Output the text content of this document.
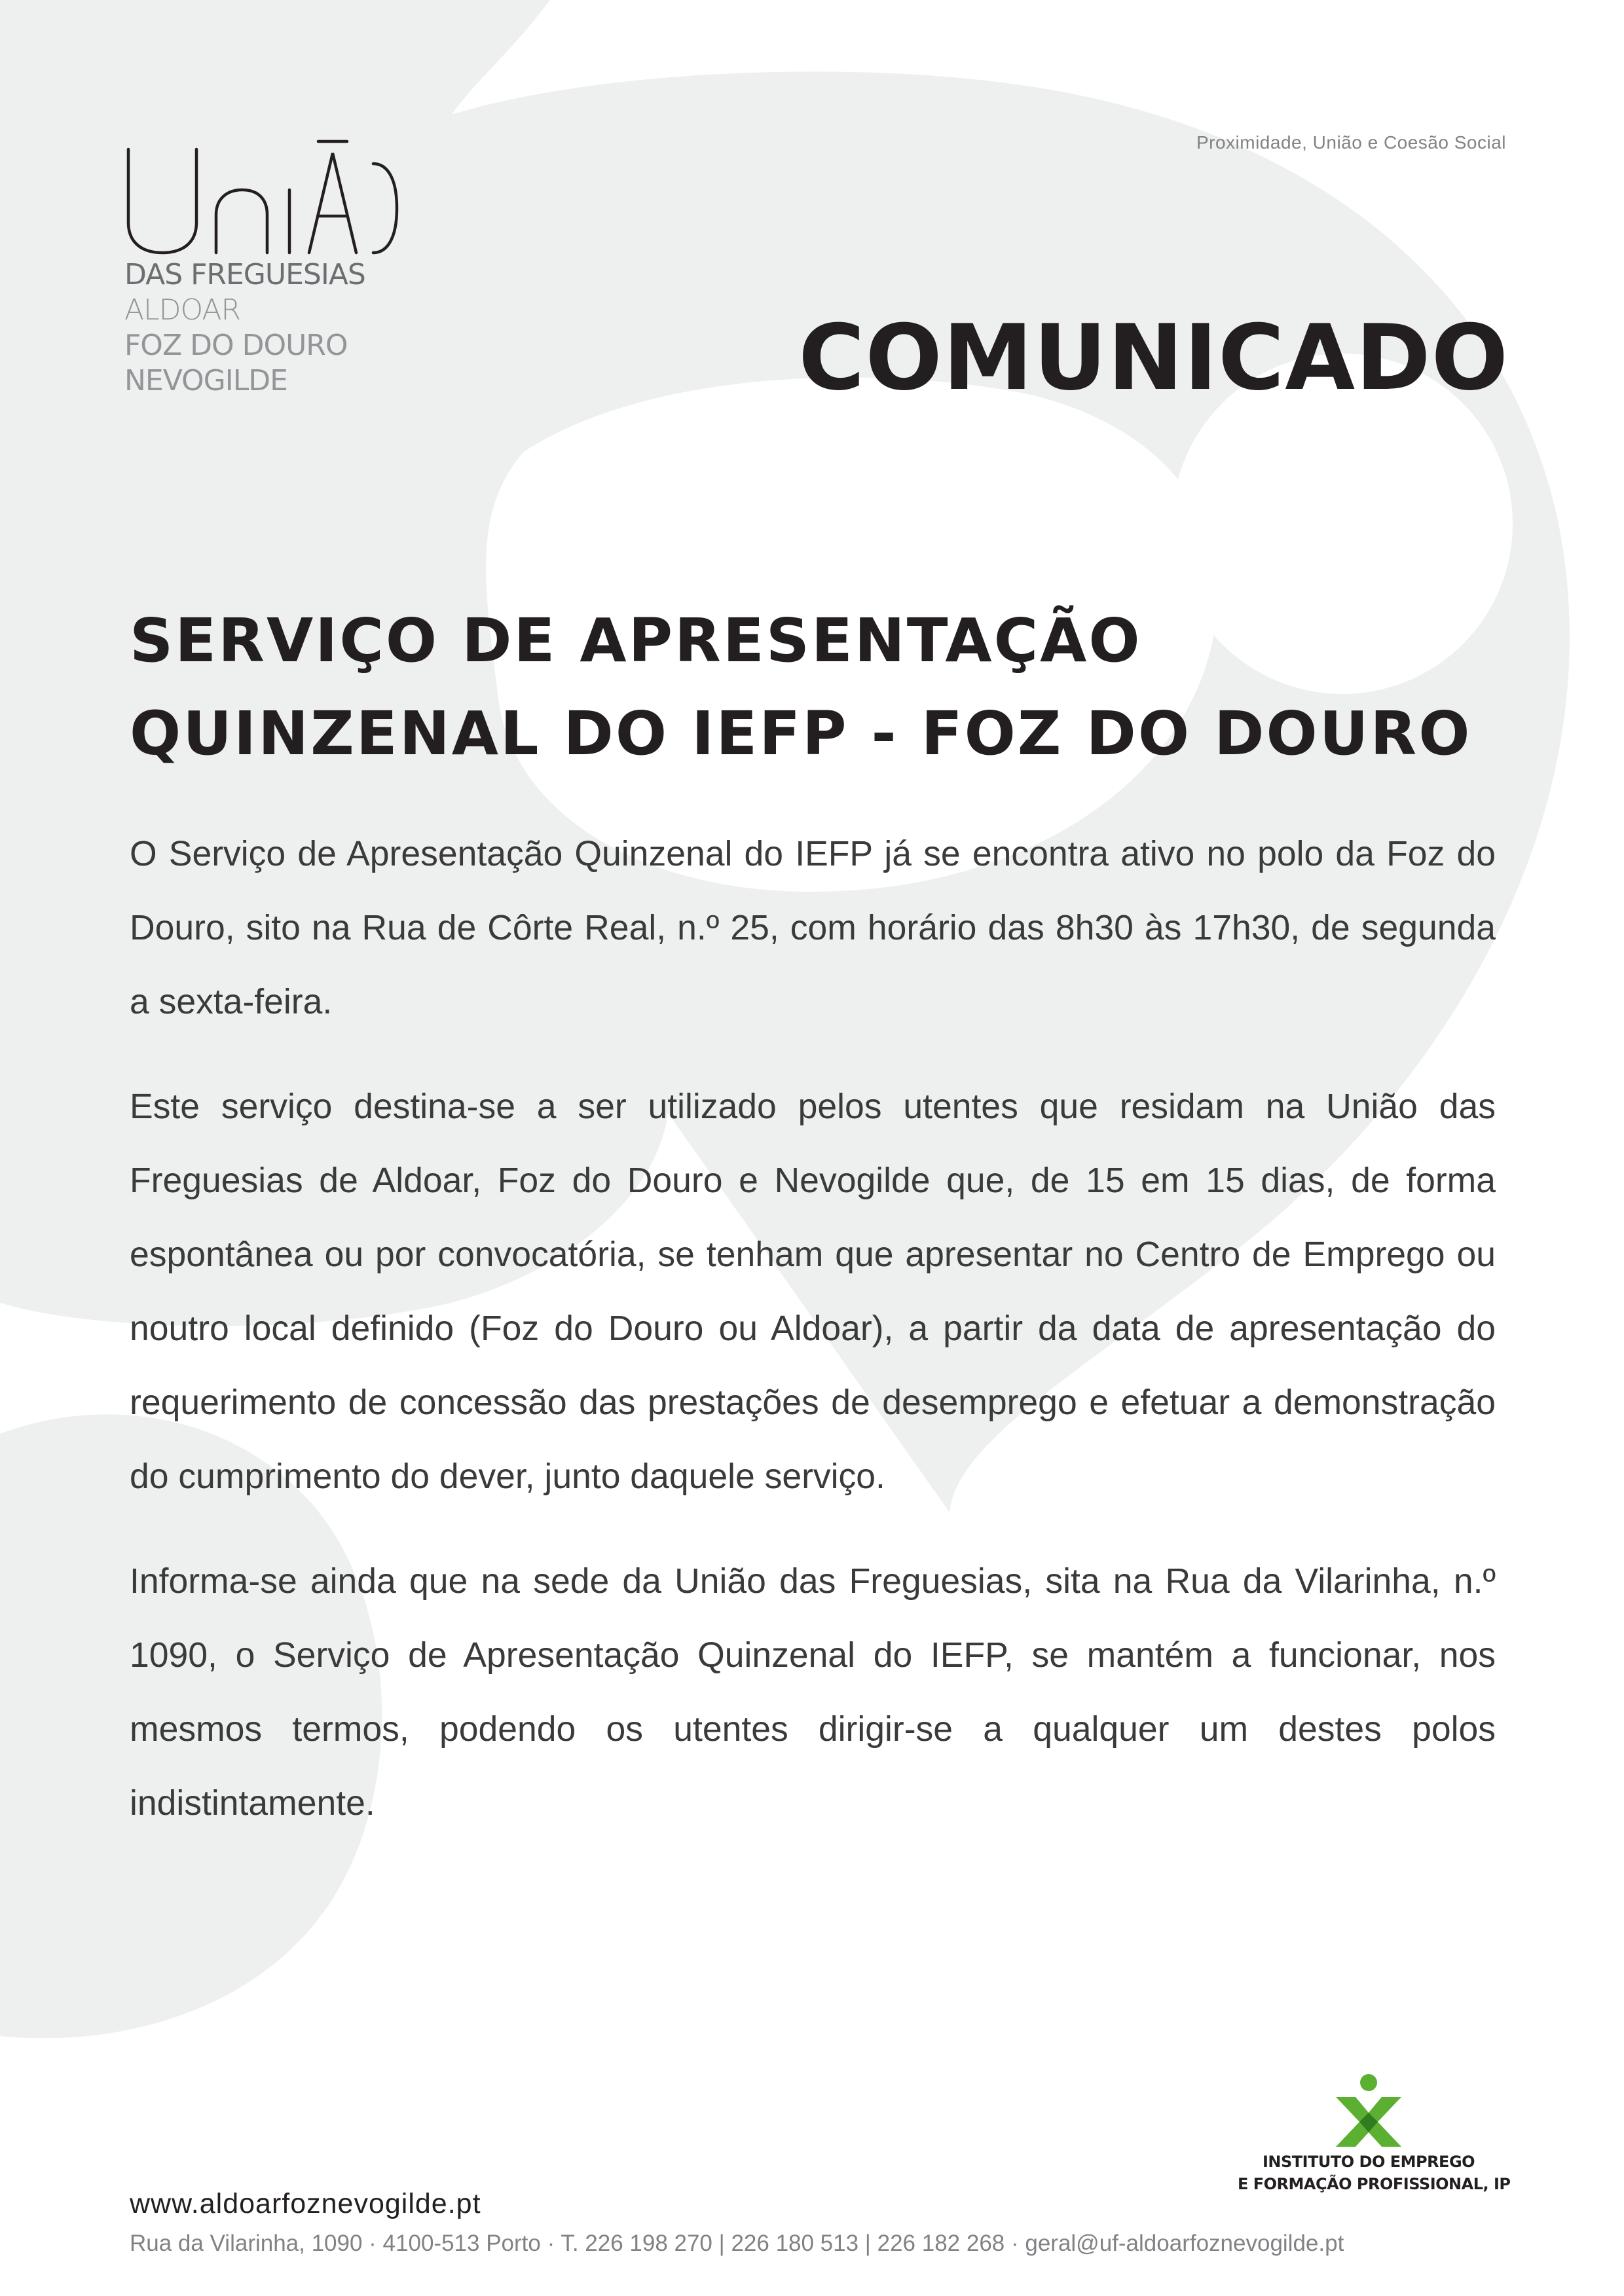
DAS FREGUESIAS
ALDOAR
FOZ DO DOURO
NEVOGILDE
Proximidade, União e Coesão Social
COMUNICADO
SERVIÇO DE APRESENTAÇÃO
QUINZENAL DO IEFP - FOZ DO DOURO

O Serviço de Apresentação Quinzenal do IEFP já se encontra ativo no polo da Foz do Douro, sito na Rua de Côrte Real, n.º 25, com horário das 8h30 às 17h30, de segunda a sexta-feira.

Este serviço destina-se a ser utilizado pelos utentes que residam na União das Freguesias de Aldoar, Foz do Douro e Nevogilde que, de 15 em 15 dias, de forma espontânea ou por convocatória, se tenham que apresentar no Centro de Emprego ou noutro local definido (Foz do Douro ou Aldoar), a partir da data de apresentação do requerimento de concessão das prestações de desemprego e efetuar a demonstração do cumprimento do dever, junto daquele serviço.

Informa-se ainda que na sede da União das Freguesias, sita na Rua da Vilarinha, n.º 1090, o Serviço de Apresentação Quinzenal do IEFP, se mantém a funcionar, nos mesmos termos, podendo os utentes dirigir-se a qualquer um destes polos indistintamente.

INSTITUTO DO EMPREGO
E FORMAÇÃO PROFISSIONAL, IP
www.aldoarfoznevogilde.pt
Rua da Vilarinha, 1090 · 4100-513 Porto · T. 226 198 270 | 226 180 513 | 226 182 268 · geral@uf-aldoarfoznevogilde.pt
